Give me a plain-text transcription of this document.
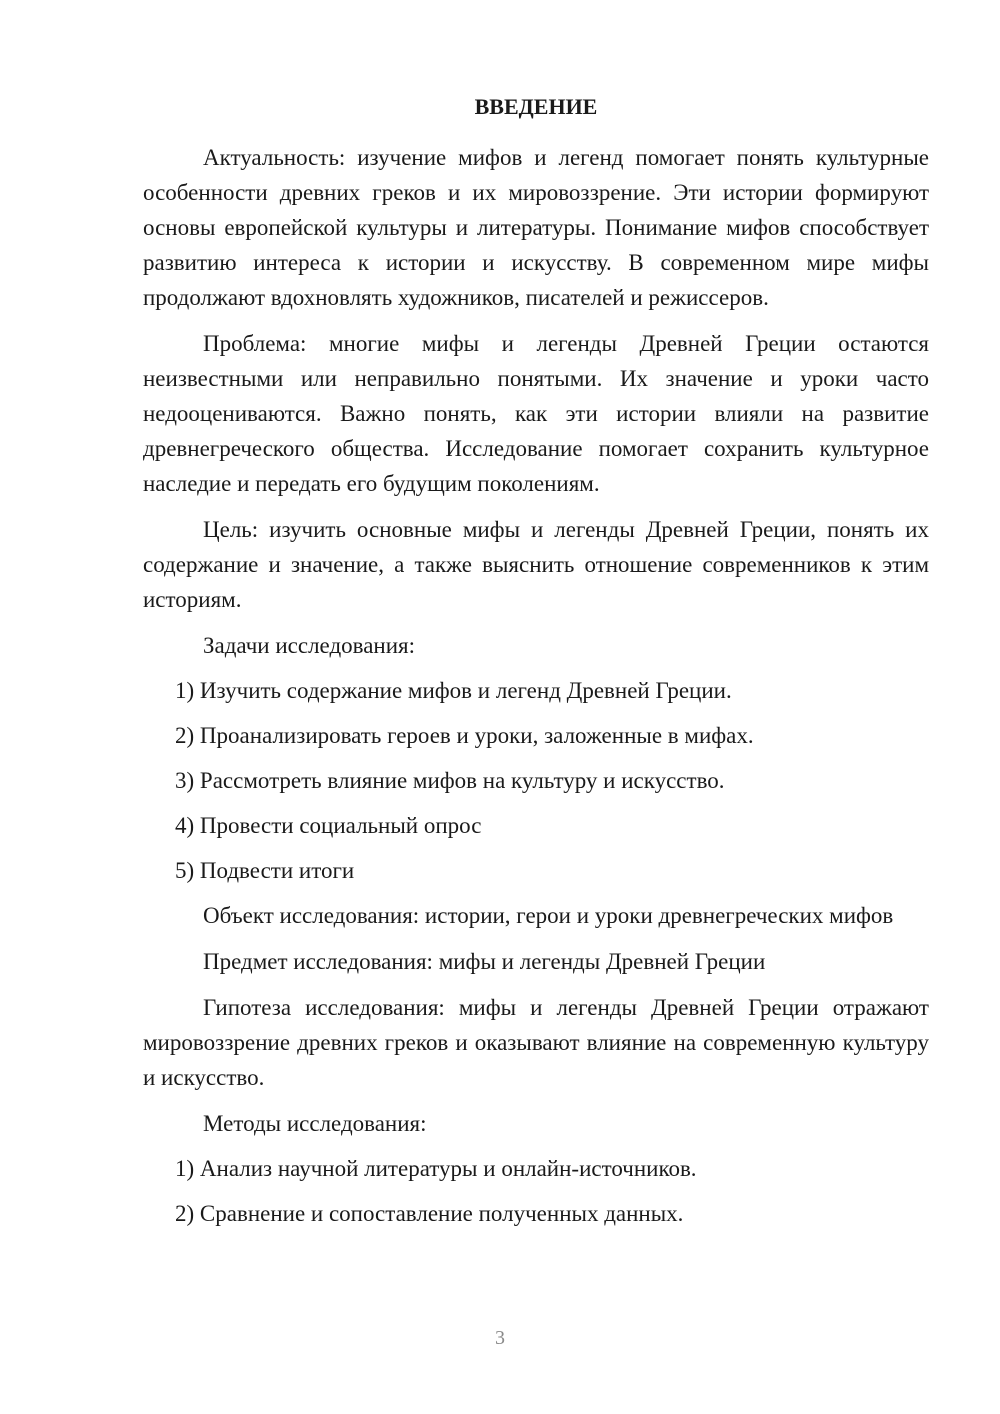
ВВЕДЕНИЕ
Актуальность: изучение мифов и легенд помогает понять культурные особенности древних греков и их мировоззрение. Эти истории формируют основы европейской культуры и литературы. Понимание мифов способствует развитию интереса к истории и искусству. В современном мире мифы продолжают вдохновлять художников, писателей и режиссеров.
Проблема: многие мифы и легенды Древней Греции остаются неизвестными или неправильно понятыми. Их значение и уроки часто недооцениваются. Важно понять, как эти истории влияли на развитие древнегреческого общества. Исследование помогает сохранить культурное наследие и передать его будущим поколениям.
Цель: изучить основные мифы и легенды Древней Греции, понять их содержание и значение, а также выяснить отношение современников к этим историям.
Задачи исследования:
1) Изучить содержание мифов и легенд Древней Греции.
2) Проанализировать героев и уроки, заложенные в мифах.
3) Рассмотреть влияние мифов на культуру и искусство.
4) Провести социальный опрос
5) Подвести итоги
Объект исследования: истории, герои и уроки древнегреческих мифов
Предмет исследования: мифы и легенды Древней Греции
Гипотеза исследования: мифы и легенды Древней Греции отражают мировоззрение древних греков и оказывают влияние на современную культуру и искусство.
Методы исследования:
1) Анализ научной литературы и онлайн-источников.
2) Сравнение и сопоставление полученных данных.
3
